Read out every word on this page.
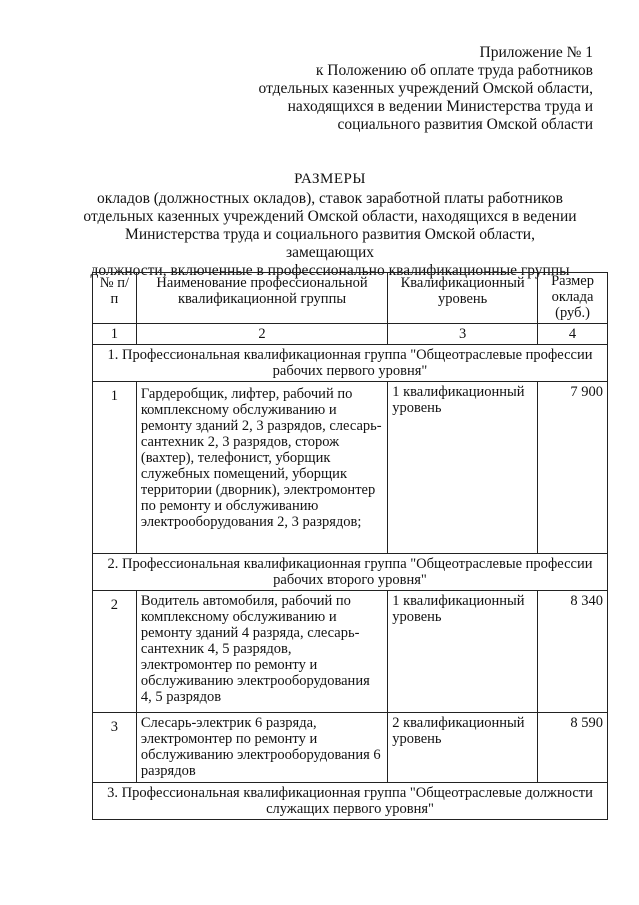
Приложение № 1
к Положению об оплате труда работников
отдельных казенных учреждений Омской области,
находящихся в ведении Министерства труда и
социального развития Омской области
РАЗМЕРЫ
окладов (должностных окладов), ставок заработной платы работников
отдельных казенных учреждений Омской области, находящихся в ведении
Министерства труда и социального развития Омской области, замещающих
должности, включенные в профессионально квалификационные группы
№ п/п	Наименование профессиональной квалификационной группы	Квалификационный уровень	Размер оклада (руб.)
1	2	3	4
1. Профессиональная квалификационная группа "Общеотраслевые профессии рабочих первого уровня"			
1	Гардеробщик, лифтер, рабочий по комплексному обслуживанию и ремонту зданий 2, 3 разрядов, слесарь-сантехник 2, 3 разрядов, сторож (вахтер), телефонист, уборщик служебных помещений, уборщик территории (дворник), электромонтер по ремонту и обслуживанию электрооборудования 2, 3 разрядов;	1 квалификационный уровень	7 900
2. Профессиональная квалификационная группа "Общеотраслевые профессии рабочих второго уровня"			
2	Водитель автомобиля, рабочий по комплексному обслуживанию и ремонту зданий 4 разряда, слесарь-сантехник 4, 5 разрядов, электромонтер по ремонту и обслуживанию электрооборудования 4, 5 разрядов	1 квалификационный уровень	8 340
3	Слесарь-электрик 6 разряда, электромонтер по ремонту и обслуживанию электрооборудования 6 разрядов	2 квалификационный уровень	8 590
3. Профессиональная квалификационная группа "Общеотраслевые должности служащих первого уровня"			
